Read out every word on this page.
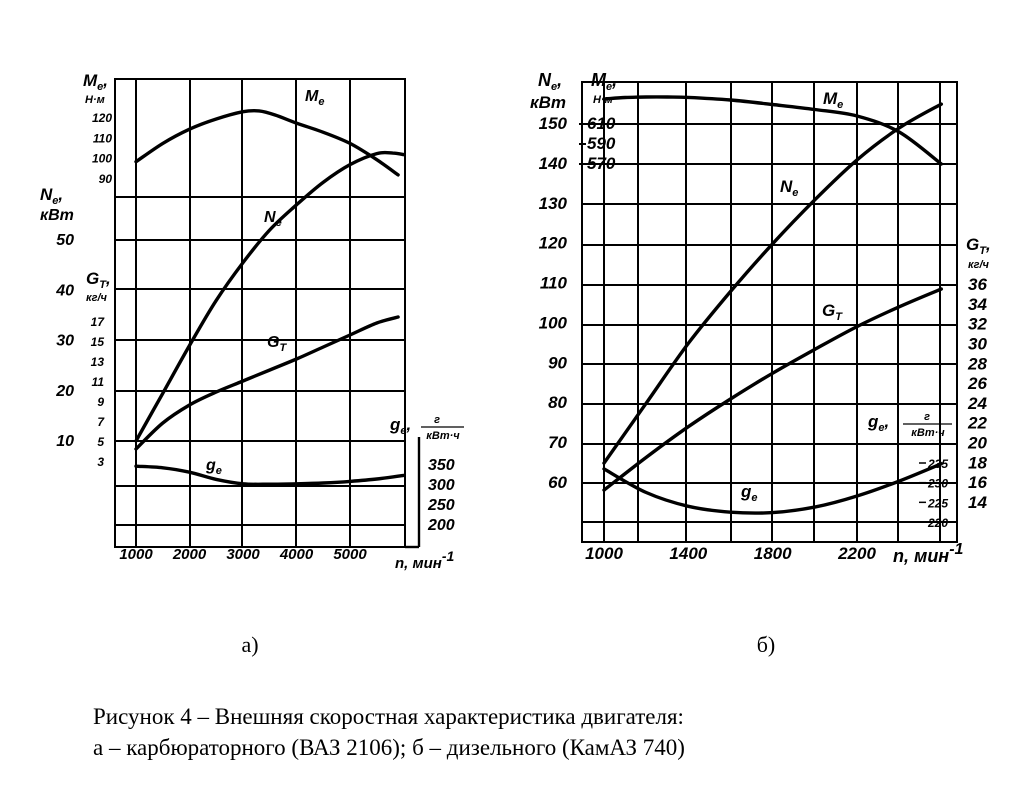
90
100
110
120
10
20
30
40
50
3
5
7
9
11
13
15
17
200
250
300
350
1000 2000 3000 4000 5000
$M_e$,
Н·м
$N_e$,
кВт
$G_T$,
кг/ч
$g_e$, г
кВт·ч
n, мин-1
$M_e$
$N_e$
$G_T$
$g_e$
570
590
610
60
70
80
90
100
110
120
130
140
150
14
16
18
20
22
24
26
28
30
32
34
36
220
225
230
235
1000	1400	1800	2200
$N_e$,
кВт
$M_e$,
Н·м
$G_T$,
кг/ч
$g_e$,	г
кВт·ч
n, мин-1
$M_e$
$N_e$
$G_T$
$g_e$
а)	б)
Рисунок 4 – Внешняя скоростная характеристика двигателя:
а – карбюраторного (ВАЗ 2106); б – дизельного (КамАЗ 740)
